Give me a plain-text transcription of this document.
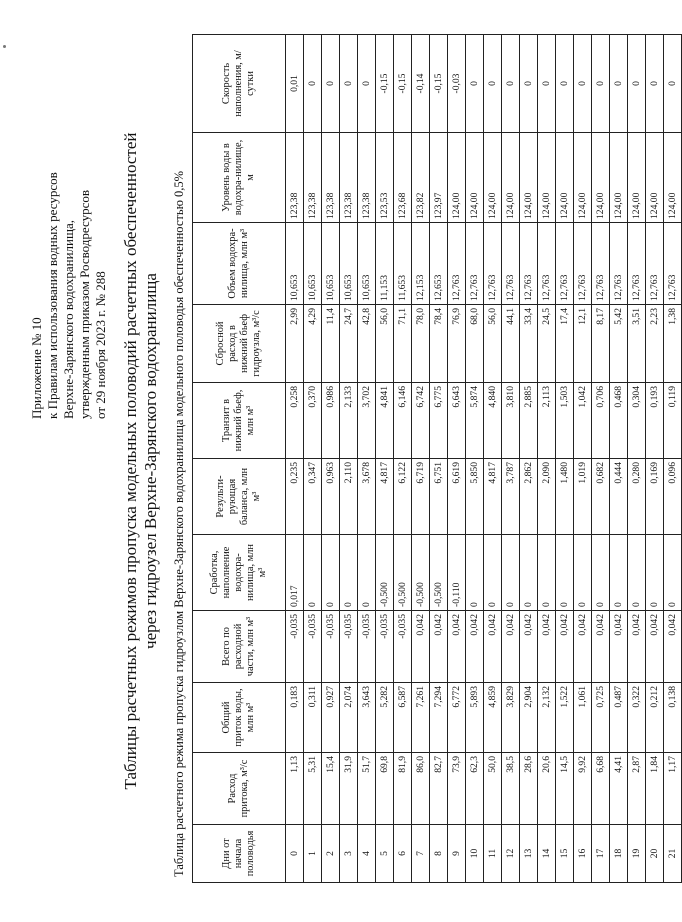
Приложение № 10 к Правилам использования водных ресурсов Верхне-Зарянского водохранилища, утвержденным приказом Росводресурсов от 29 ноября 2023 г. № 288 Таблицы расчетных режимов пропуска модельных половодий расчетных обеспеченностей через гидроузел Верхне-Зарянского водохранилища Таблица расчетного режима пропуска гидроузлом Верхне-Зарянского водохранилища модельного половодья обеспеченностью 0,5%	Дни от начала половодья	Расход притока, м³/с	Общий приток воды, млн м³	Всего по расходной части, млн м³	Сработка, наполнение водохра-нилища, млн м³	Результи-рующая баланса, млн м³	Транзит в нижний бьеф, млн м³	Сбросной расход в нижний бьеф гидроузла, м³/с	Объем водохра-нилища, млн м³	Уровень воды в водохра-нилище, м	Скорость наполнения, м/сутки
0	1,13	0,183	-0,035	0,017	0,235	0,258	2,99	10,653	123,38	0,01
1	5,31	0,311	-0,035	0	0,347	0,370	4,29	10,653	123,38	0
2	15,4	0,927	-0,035	0	0,963	0,986	11,4	10,653	123,38	0
3	31,9	2,074	-0,035	0	2,110	2,133	24,7	10,653	123,38	0
4	51,7	3,643	-0,035	0	3,678	3,702	42,8	10,653	123,38	0
5	69,8	5,282	-0,035	-0,500	4,817	4,841	56,0	11,153	123,53	-0,15
6	81,9	6,587	-0,035	-0,500	6,122	6,146	71,1	11,653	123,68	-0,15
7	86,0	7,261	0,042	-0,500	6,719	6,742	78,0	12,153	123,82	-0,14
8	82,7	7,294	0,042	-0,500	6,751	6,775	78,4	12,653	123,97	-0,15
9	73,9	6,772	0,042	-0,110	6,619	6,643	76,9	12,763	124,00	-0,03
10	62,3	5,893	0,042	0	5,850	5,874	68,0	12,763	124,00	0
11	50,0	4,859	0,042	0	4,817	4,840	56,0	12,763	124,00	0
12	38,5	3,829	0,042	0	3,787	3,810	44,1	12,763	124,00	0
13	28,6	2,904	0,042	0	2,862	2,885	33,4	12,763	124,00	0
14	20,6	2,132	0,042	0	2,090	2,113	24,5	12,763	124,00	0
15	14,5	1,522	0,042	0	1,480	1,503	17,4	12,763	124,00	0
16	9,92	1,061	0,042	0	1,019	1,042	12,1	12,763	124,00	0
17	6,68	0,725	0,042	0	0,682	0,706	8,17	12,763	124,00	0
18	4,41	0,487	0,042	0	0,444	0,468	5,42	12,763	124,00	0
19	2,87	0,322	0,042	0	0,280	0,304	3,51	12,763	124,00	0
20	1,84	0,212	0,042	0	0,169	0,193	2,23	12,763	124,00	0
21	1,17	0,138	0,042	0	0,096	0,119	1,38	12,763	124,00	0
